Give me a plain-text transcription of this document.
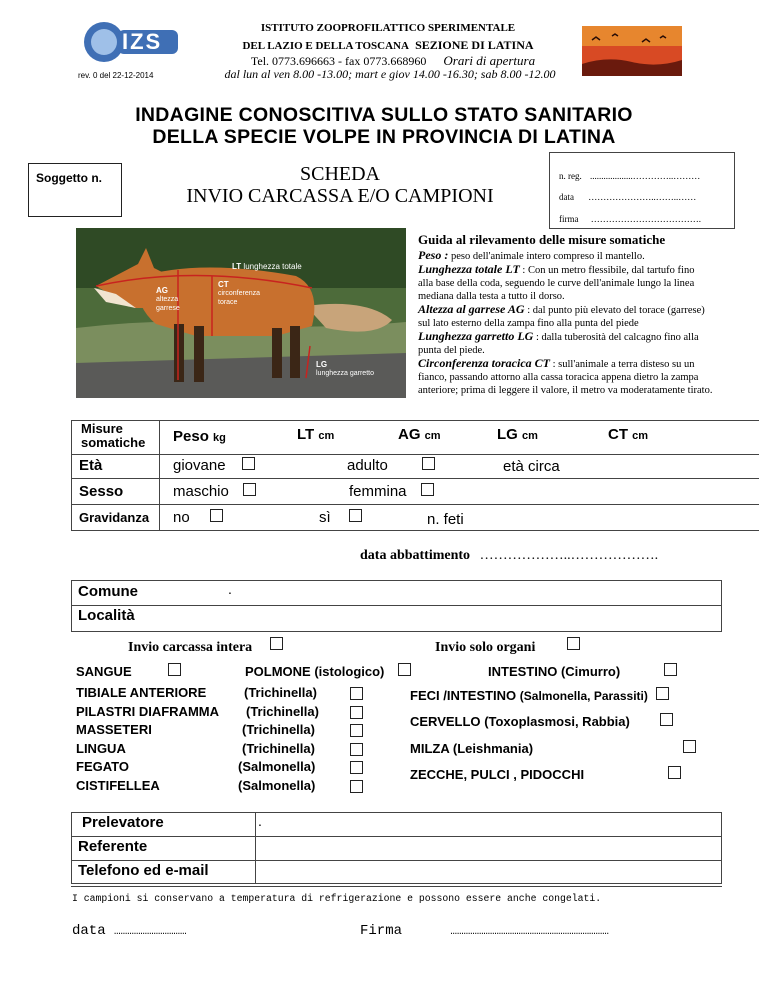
IZS
rev. 0 del 22-12-2014
ISTITUTO ZOOPROFILATTICO SPERIMENTALE
DEL LAZIO E DELLA TOSCANA SEZIONE DI LATINA
Tel. 0773.696663 - fax 0773.668960 Orari di apertura
dal lun al ven 8.00 -13.00; mart e giov 14.00 -16.30; sab 8.00 -12.00
INDAGINE CONOSCITIVA SULLO STATO SANITARIO
DELLA SPECIE VOLPE IN PROVINCIA DI LATINA
Soggetto n.	SCHEDA
INVIO CARCASSA E/O CAMPIONI
n. reg. ...................…………..………
data …………………..……..……
firma ……………………………….
LT lunghezza totale
CT
circonferenza
torace
AG
altezza
garrese
LG
lunghezza garretto
Guida al rilevamento delle misure somatiche
Peso : peso dell'animale intero compreso il mantello.
Lunghezza totale LT : Con un metro flessibile, dal tartufo fino
alla base della coda, seguendo le curve dell'animale lungo la linea
mediana dalla testa a tutto il dorso.
Altezza al garrese AG : dal punto più elevato del torace (garrese)
sul lato esterno della zampa fino alla punta del piede
Lunghezza garretto LG : dalla tuberosità del calcagno fino alla
punta del piede.
Circonferenza toracica CT : sull'animale a terra disteso su un
fianco, passando attorno alla cassa toracica appena dietro la zampa
anteriore; prima di leggere il valore, il metro va moderatamente tirato.
Misure
somatiche Peso kg	LT cm	AG cm	LG cm	CT cm
Età	giovane	adulto	età circa
Sesso	maschio	femmina
Gravidanza no	sì	n. feti
data abbattimento ………………..……………….
Comune	.
Località
Invio carcassa intera	Invio solo organi
SANGUE	POLMONE (istologico)	INTESTINO (Cimurro)
TIBIALE ANTERIORE	(Trichinella)
PILASTRI DIAFRAMMA (Trichinella)
MASSETERI	(Trichinella)
LINGUA	(Trichinella)
FEGATO	(Salmonella)
CISTIFELLEA	(Salmonella)
FECI /INTESTINO (Salmonella, Parassiti)
CERVELLO (Toxoplasmosi, Rabbia)
MILZA (Leishmania)
ZECCHE, PULCI , PIDOCCHI
Prelevatore	.
Referente
Telefono ed e-mail
I campioni si conservano a temperatura di refrigerazione e possono essere anche congelati.
data ……………………………	Firma	………………………………………………………………
